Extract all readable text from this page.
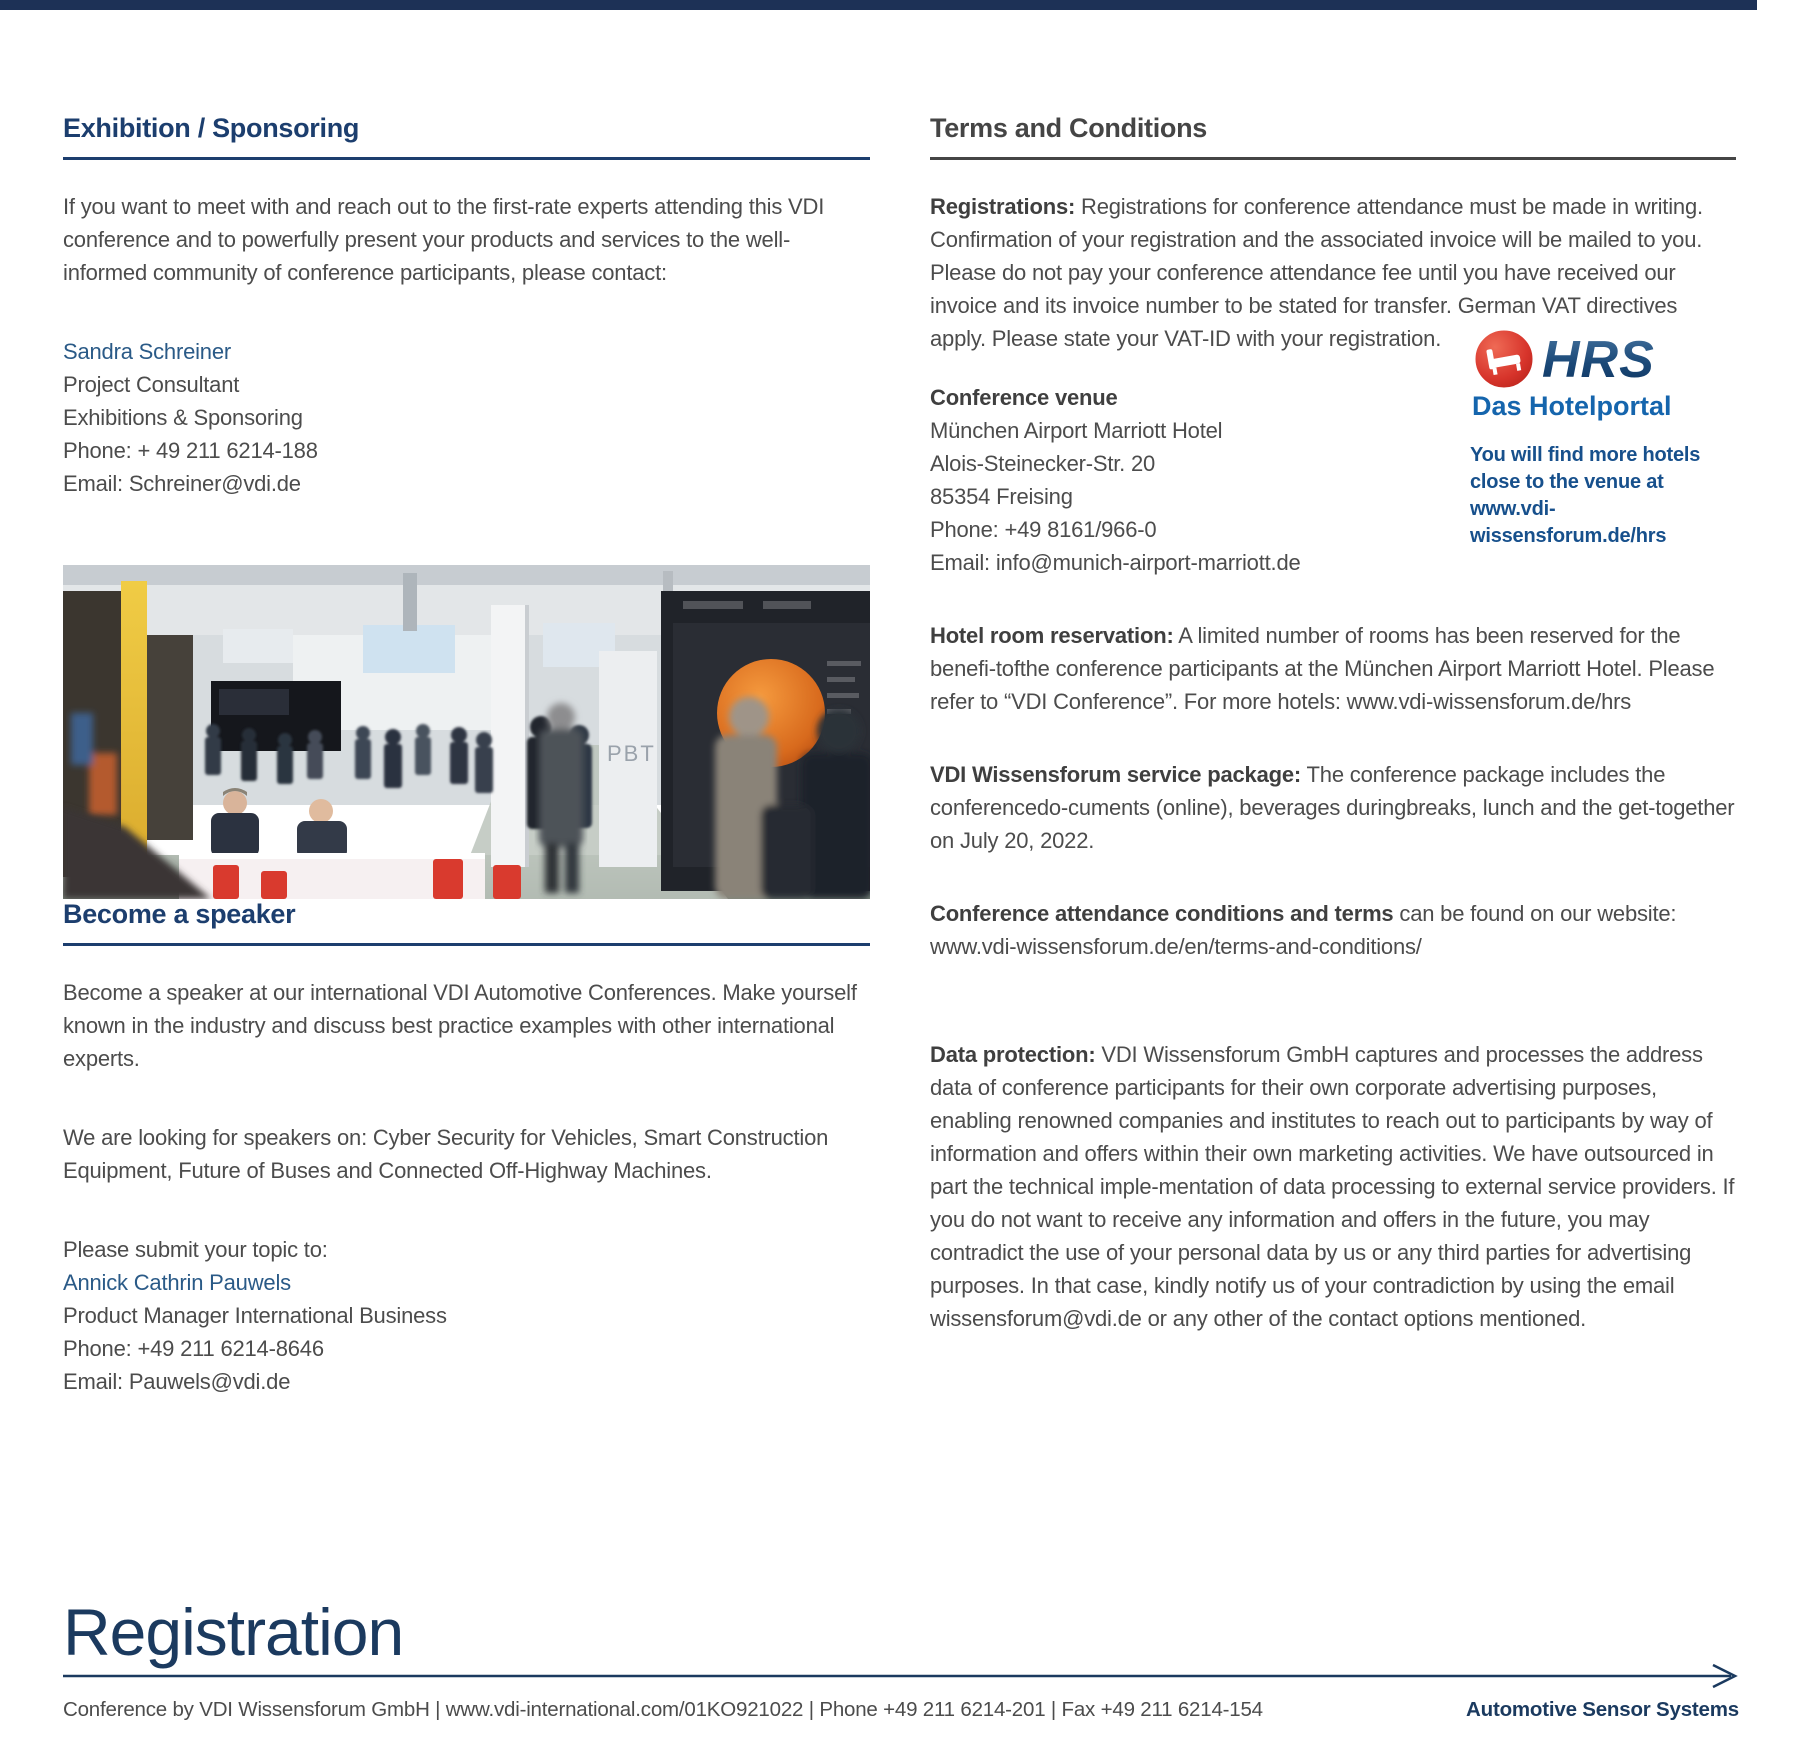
Exhibition / Sponsoring

If you want to meet with and reach out to the first-rate experts attending this VDI conference and to powerfully present your products and services to the well-informed community of conference participants, please contact:

Sandra Schreiner
Project Consultant
Exhibitions & Sponsoring
Phone: + 49 211 6214-188
Email: Schreiner@vdi.de
PBT
Become a speaker

Become a speaker at our international VDI Automotive Conferences. Make yourself known in the industry and discuss best practice examples with other international experts.

We are looking for speakers on: Cyber Security for Vehicles, Smart Construction Equipment, Future of Buses and Connected Off-Highway Machines.

Please submit your topic to:
Annick Cathrin Pauwels
Product Manager International Business
Phone: +49 211 6214-8646
Email: Pauwels@vdi.de
Terms and Conditions

Registrations: Registrations for conference attendance must be made in writing. Confirmation of your registration and the associated invoice will be mailed to you. Please do not pay your conference attendance fee until you have received our invoice and its invoice number to be stated for transfer. German VAT directives apply. Please state your VAT-ID with your registration.

Conference venue
München Airport Marriott Hotel
Alois-Steinecker-Str. 20
85354 Freising
Phone: +49 8161/966-0
Email: info@munich-airport-marriott.de
HRS
Das Hotelportal
You will find more hotels
close to the venue at
www.vdi-wissensforum.de/hrs

Hotel room reservation: A limited number of rooms has been reserved for the benefi-tofthe conference participants at the München Airport Marriott Hotel. Please refer to “VDI Conference”. For more hotels: www.vdi-wissensforum.de/hrs

VDI Wissensforum service package: The conference package includes the conferencedo-cuments (online), beverages duringbreaks, lunch and the get-together on July 20, 2022.

Conference attendance conditions and terms can be found on our website: www.vdi-wissensforum.de/en/terms-and-conditions/

Data protection: VDI Wissensforum GmbH captures and processes the address data of conference participants for their own corporate advertising purposes, enabling renowned companies and institutes to reach out to participants by way of information and offers within their own marketing activities. We have outsourced in part the technical imple-mentation of data processing to external service providers. If you do not want to receive any information and offers in the future, you may contradict the use of your personal data by us or any third parties for advertising purposes. In that case, kindly notify us of your contradiction by using the email wissensforum@vdi.de or any other of the contact options mentioned.

Registration
Conference by VDI Wissensforum GmbH | www.vdi-international.com/01KO921022 | Phone +49 211 6214-201 | Fax +49 211 6214-154	Automotive Sensor Systems
